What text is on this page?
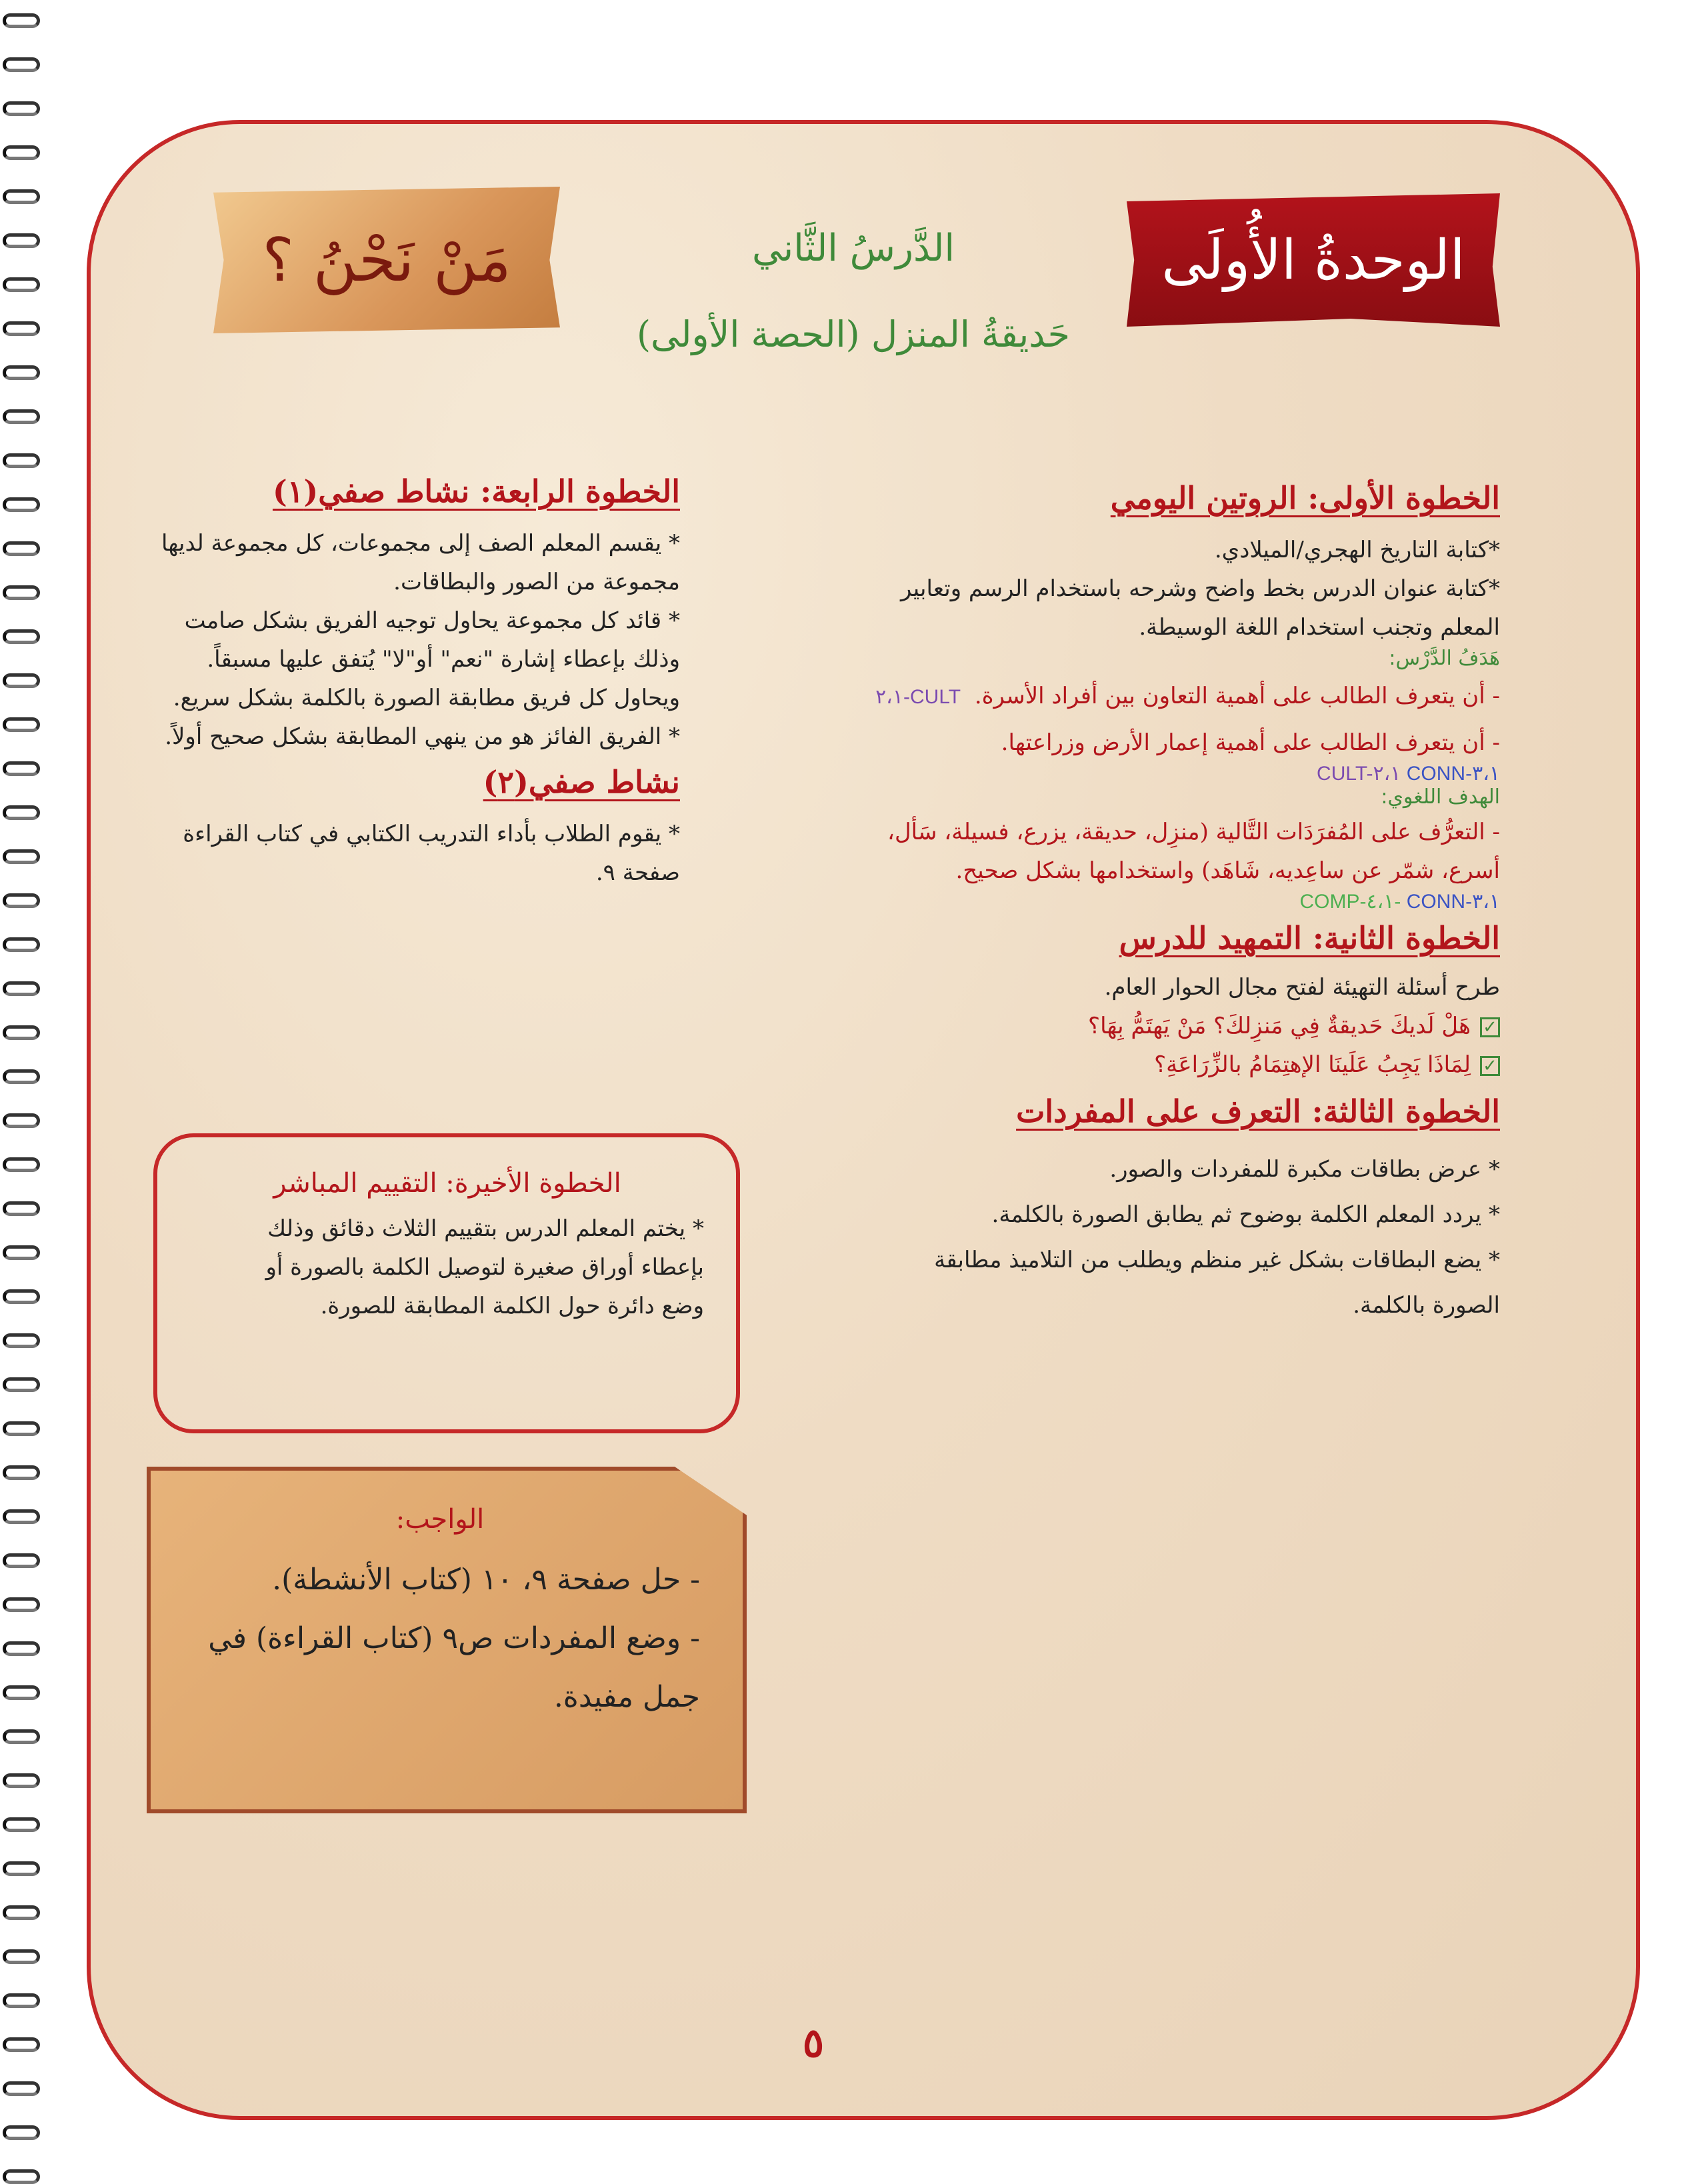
الوحدةُ الأُولَى
مَنْ نَحْنُ ؟	الدَّرسُ الثَّاني
حَديقةُ المنزل (الحصة الأولى)
الخطوة الأولى: الروتين اليومي
*كتابة التاريخ الهجري/الميلادي.
*كتابة عنوان الدرس بخط واضح وشرحه باستخدام الرسم وتعابير
المعلم وتجنب استخدام اللغة الوسيطة.
هَدَفُ الدَّرْس:
- أن يتعرف الطالب على أهمية التعاون بين أفراد الأسرة. CULT-٢،١
- أن يتعرف الطالب على أهمية إعمار الأرض وزراعتها.
CULT-٢،١ CONN-٣،١
الهدف اللغوي:
- التعرُّف على المُفرَدَات التَّالية (منزِل، حديقة، يزرع، فسيلة، سَأل،
أسرع، شمّر عن ساعِديه، شَاهَد) واستخدامها بشكل صحيح.
COMP-٤،١- CONN-٣،١
الخطوة الثانية: التمهيد للدرس
طرح أسئلة التهيئة لفتح مجال الحوار العام.
✓هَلْ لَديكَ حَديقةٌ فِي مَنزِلكَ؟ مَنْ يَهتَمُّ بِهَا؟
✓لِمَاذَا يَجِبُ عَلَينَا الإهتِمَامُ بالزِّرَاعَةِ؟
الخطوة الثالثة: التعرف على المفردات
* عرض بطاقات مكبرة للمفردات والصور.
* يردد المعلم الكلمة بوضوح ثم يطابق الصورة بالكلمة.
* يضع البطاقات بشكل غير منظم ويطلب من التلاميذ مطابقة
الصورة بالكلمة.
الخطوة الرابعة: نشاط صفي(١)
* يقسم المعلم الصف إلى مجموعات، كل مجموعة لديها
مجموعة من الصور والبطاقات.
* قائد كل مجموعة يحاول توجيه الفريق بشكل صامت
وذلك بإعطاء إشارة "نعم" أو"لا" يُتفق عليها مسبقاً.
ويحاول كل فريق مطابقة الصورة بالكلمة بشكل سريع.
* الفريق الفائز هو من ينهي المطابقة بشكل صحيح أولاً.
نشاط صفي(٢)
* يقوم الطلاب بأداء التدريب الكتابي في كتاب القراءة
صفحة ٩.
الخطوة الأخيرة: التقييم المباشر
* يختم المعلم الدرس بتقييم الثلاث دقائق وذلك
بإعطاء أوراق صغيرة لتوصيل الكلمة بالصورة أو
وضع دائرة حول الكلمة المطابقة للصورة.
الواجب:
- حل صفحة ٩، ١٠ (كتاب الأنشطة).
- وضع المفردات ص٩ (كتاب القراءة) في
جمل مفيدة.
٥
